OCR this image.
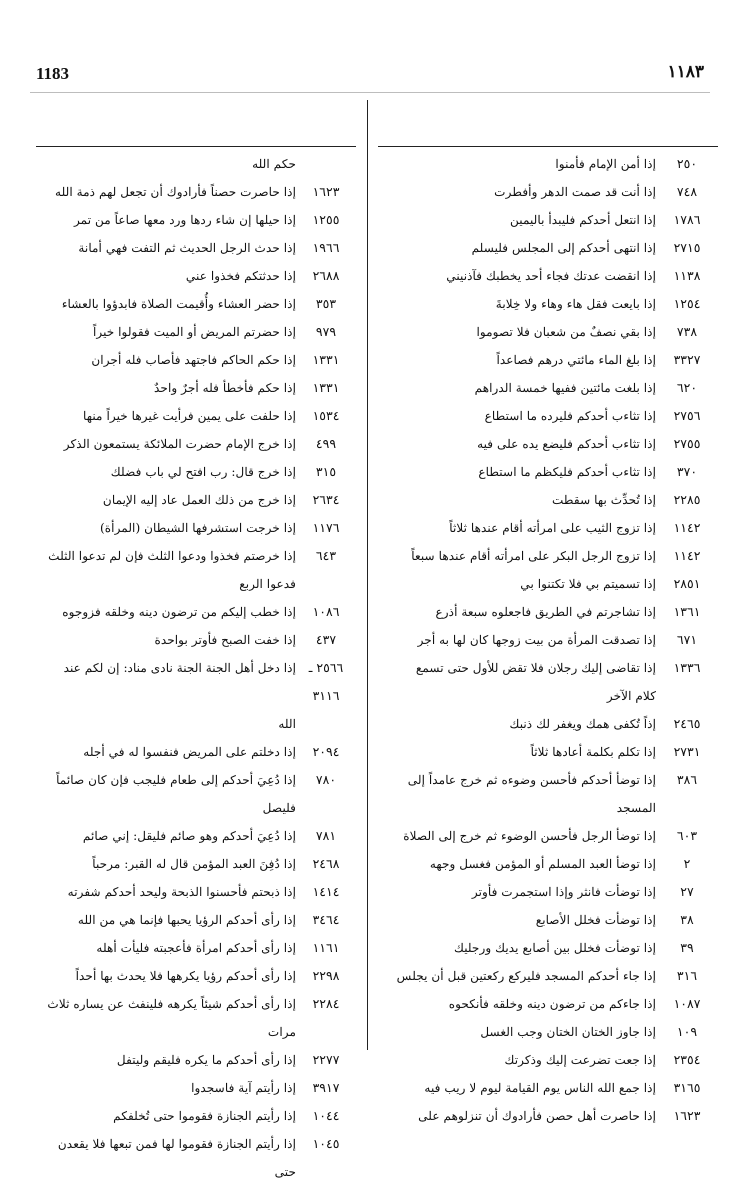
1183	١١٨٣
٢٥٠
إذا أمن الإمام فأمنوا
٧٤٨
إذا أنت قد صمت الدهر وأفطرت
١٧٨٦
إذا انتعل أحدكم فليبدأ باليمين
٢٧١٥
إذا انتهى أحدكم إلى المجلس فليسلم
١١٣٨
إذا انقضت عدتك فجاء أحد يخطبك فآذنيني
١٢٥٤
إذا بايعت فقل هاء وهاء ولا خِلابةَ
٧٣٨
إذا بقي نصفٌ من شعبان فلا تصوموا
٣٣٢٧
إذا بلغ الماء مائتي درهم فصاعداً
٦٢٠
إذا بلغت مائتين ففيها خمسة الدراهم
٢٧٥٦
إذا تثاءب أحدكم فليرده ما استطاع
٢٧٥٥
إذا تثاءب أحدكم فليضع يده على فيه
٣٧٠
إذا تثاءب أحدكم فليكظم ما استطاع
٢٢٨٥
إذا تُحدِّث بها سقطت
١١٤٢
إذا تزوج الثيب على امرأته أقام عندها ثلاثاً
١١٤٢
إذا تزوج الرجل البكر على امرأته أقام عندها سبعاً
٢٨٥١
إذا تسميتم بي فلا تكتنوا بي
١٣٦١
إذا تشاجرتم في الطريق فاجعلوه سبعة أذرع
٦٧١
إذا تصدقت المرأة من بيت زوجها كان لها به أجر
١٣٣٦
إذا تقاضى إليك رجلان فلا تقض للأول حتى تسمع
كلام الآخر
٢٤٦٥
إذاً تُكفى همك ويغفر لك ذنبك
٢٧٣١
إذا تكلم بكلمة أعادها ثلاثاً
٣٨٦
إذا توضأ أحدكم فأحسن وضوءه ثم خرج عامداً إلى
المسجد
٦٠٣
إذا توضأ الرجل فأحسن الوضوء ثم خرج إلى الصلاة
٢
إذا توضأ العبد المسلم أو المؤمن فغسل وجهه
٢٧
إذا توضأت فانثر وإذا استجمرت فأوتر
٣٨
إذا توضأت فخلل الأصابع
٣٩
إذا توضأت فخلل بين أصابع يديك ورجليك
٣١٦
إذا جاء أحدكم المسجد فليركع ركعتين قبل أن يجلس
١٠٨٧
إذا جاءكم من ترضون دينه وخلقه فأنكحوه
١٠٩
إذا جاوز الختان الختان وجب الغسل
٢٣٥٤
إذا جعت تضرعت إليك وذكرتك
٣١٦٥
إذا جمع الله الناس يوم القيامة ليوم لا ريب فيه
١٦٢٣
إذا حاصرت أهل حصن فأرادوك أن تنزلوهم على
حكم الله
١٦٢٣
إذا حاصرت حصناً فأرادوك أن تجعل لهم ذمة الله
١٢٥٥
إذا حيلها إن شاء ردها ورد معها صاعاً من تمر
١٩٦٦
إذا حدث الرجل الحديث ثم التفت فهي أمانة
٢٦٨٨
إذا حدثتكم فخذوا عني
٣٥٣
إذا حضر العشاء وأُقيمت الصلاة فابدؤوا بالعشاء
٩٧٩
إذا حضرتم المريض أو الميت فقولوا خيراً
١٣٣١
إذا حكم الحاكم فاجتهد فأصاب فله أجران
١٣٣١
إذا حكم فأخطأ فله أجرٌ واحدٌ
١٥٣٤
إذا حلفت على يمين فرأيت غيرها خيراً منها
٤٩٩
إذا خرج الإمام حضرت الملائكة يستمعون الذكر
٣١٥
إذا خرج قال: رب افتح لي باب فضلك
٢٦٣٤
إذا خرج من ذلك العمل عاد إليه الإيمان
١١٧٦
إذا خرجت استشرفها الشيطان (المرأة)
٦٤٣
إذا خرصتم فخذوا ودعوا الثلث فإن لم تدعوا الثلث
فدعوا الربع
١٠٨٦
إذا خطب إليكم من ترضون دينه وخلقه فزوجوه
٤٣٧
إذا خفت الصبح فأوتر بواحدة
٢٥٦٦ ـ ٣١١٦
إذا دخل أهل الجنة الجنة نادى مناد: إن لكم عند
الله
٢٠٩٤
إذا دخلتم على المريض فنفسوا له في أجله
٧٨٠
إذا دُعِيَ أحدكم إلى طعام فليجب فإن كان صائماً
فليصل
٧٨١
إذا دُعِيَ أحدكم وهو صائم فليقل: إني صائم
٢٤٦٨
إذا دُفِنَ العبد المؤمن قال له القبر: مرحباً
١٤١٤
إذا ذبحتم فأحسنوا الذبحة وليحد أحدكم شفرته
٣٤٦٤
إذا رأى أحدكم الرؤيا يحبها فإنما هي من الله
١١٦١
إذا رأى أحدكم امرأة فأعجبته فليأت أهله
٢٢٩٨
إذا رأى أحدكم رؤيا يكرهها فلا يحدث بها أحداً
٢٢٨٤
إذا رأى أحدكم شيئاً يكرهه فلينفث عن يساره ثلاث
مرات
٢٢٧٧
إذا رأى أحدكم ما يكره فليقم وليتفل
٣٩١٧
إذا رأيتم آية فاسجدوا
١٠٤٤
إذا رأيتم الجنازة فقوموا حتى تُخلفكم
١٠٤٥
إذا رأيتم الجنازة فقوموا لها فمن تبعها فلا يقعدن حتى
